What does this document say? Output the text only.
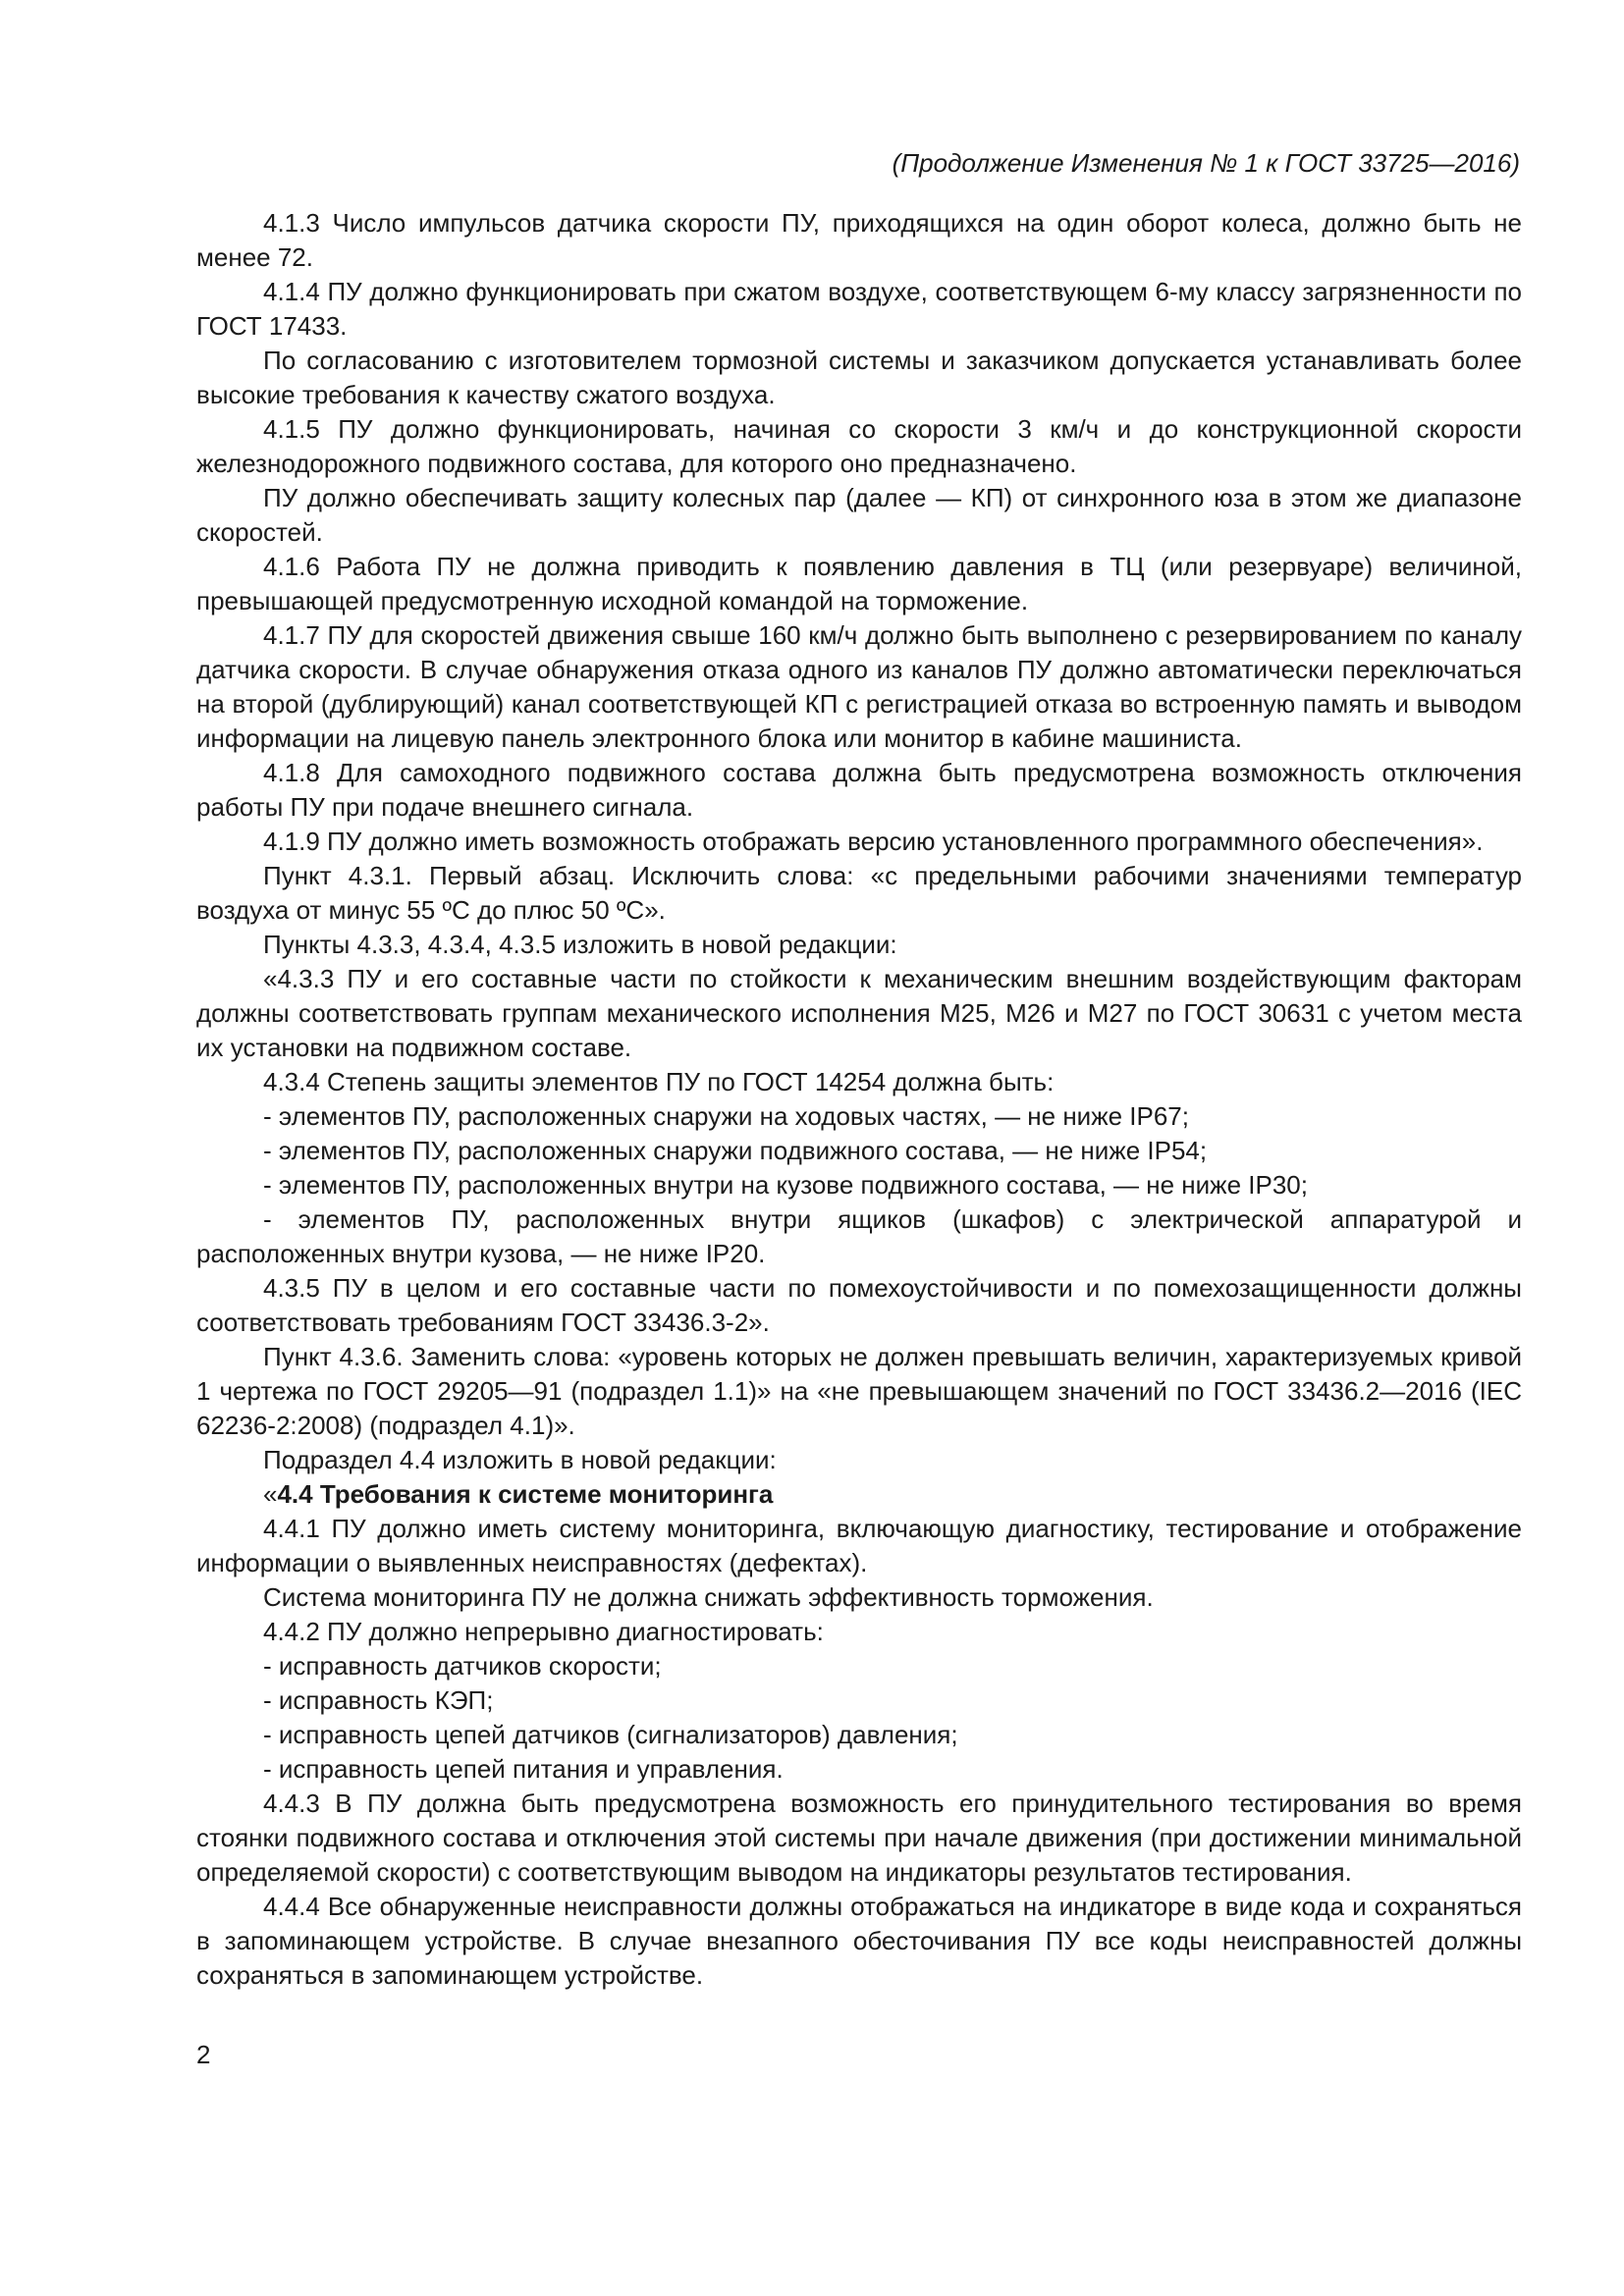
(Продолжение Изменения № 1 к ГОСТ 33725—2016)

4.1.3 Число импульсов датчика скорости ПУ, приходящихся на один оборот колеса, должно быть не менее 72.

4.1.4 ПУ должно функционировать при сжатом воздухе, соответствующем 6-му классу загрязненности по ГОСТ 17433.

По согласованию с изготовителем тормозной системы и заказчиком допускается устанавливать более высокие требования к качеству сжатого воздуха.

4.1.5 ПУ должно функционировать, начиная со скорости 3 км/ч и до конструкционной скорости железнодорожного подвижного состава, для которого оно предназначено.

ПУ должно обеспечивать защиту колесных пар (далее — КП) от синхронного юза в этом же диапазоне скоростей.

4.1.6 Работа ПУ не должна приводить к появлению давления в ТЦ (или резервуаре) величиной, превышающей предусмотренную исходной командой на торможение.

4.1.7 ПУ для скоростей движения свыше 160 км/ч должно быть выполнено с резервированием по каналу датчика скорости. В случае обнаружения отказа одного из каналов ПУ должно автоматически переключаться на второй (дублирующий) канал соответствующей КП с регистрацией отказа во встроенную память и выводом информации на лицевую панель электронного блока или монитор в кабине машиниста.

4.1.8 Для самоходного подвижного состава должна быть предусмотрена возможность отключения работы ПУ при подаче внешнего сигнала.

4.1.9 ПУ должно иметь возможность отображать версию установленного программного обеспечения».

Пункт 4.3.1. Первый абзац. Исключить слова: «с предельными рабочими значениями температур воздуха от минус 55 ºС до плюс 50 ºС».

Пункты 4.3.3, 4.3.4, 4.3.5 изложить в новой редакции:

«4.3.3 ПУ и его составные части по стойкости к механическим внешним воздействующим факторам должны соответствовать группам механического исполнения М25, М26 и М27 по ГОСТ 30631 с учетом места их установки на подвижном составе.

4.3.4 Степень защиты элементов ПУ по ГОСТ 14254 должна быть:

- элементов ПУ, расположенных снаружи на ходовых частях, — не ниже IP67;

- элементов ПУ, расположенных снаружи подвижного состава, — не ниже IP54;

- элементов ПУ, расположенных внутри на кузове подвижного состава, — не ниже IP30;

- элементов ПУ, расположенных внутри ящиков (шкафов) с электрической аппаратурой и расположенных внутри кузова, — не ниже IP20.

4.3.5 ПУ в целом и его составные части по помехоустойчивости и по помехозащищенности должны соответствовать требованиям ГОСТ 33436.3-2».

Пункт 4.3.6. Заменить слова: «уровень которых не должен превышать величин, характеризуемых кривой 1 чертежа по ГОСТ 29205—91 (подраздел 1.1)» на «не превышающем значений по ГОСТ 33436.2—2016 (IEC 62236-2:2008) (подраздел 4.1)».

Подраздел 4.4 изложить в новой редакции:

«4.4 Требования к системе мониторинга

4.4.1 ПУ должно иметь систему мониторинга, включающую диагностику, тестирование и отображение информации о выявленных неисправностях (дефектах).

Система мониторинга ПУ не должна снижать эффективность торможения.

4.4.2 ПУ должно непрерывно диагностировать:

- исправность датчиков скорости;

- исправность КЭП;

- исправность цепей датчиков (сигнализаторов) давления;

- исправность цепей питания и управления.

4.4.3 В ПУ должна быть предусмотрена возможность его принудительного тестирования во время стоянки подвижного состава и отключения этой системы при начале движения (при достижении минимальной определяемой скорости) с соответствующим выводом на индикаторы результатов тестирования.

4.4.4 Все обнаруженные неисправности должны отображаться на индикаторе в виде кода и сохраняться в запоминающем устройстве. В случае внезапного обесточивания ПУ все коды неисправностей должны сохраняться в запоминающем устройстве.

2
